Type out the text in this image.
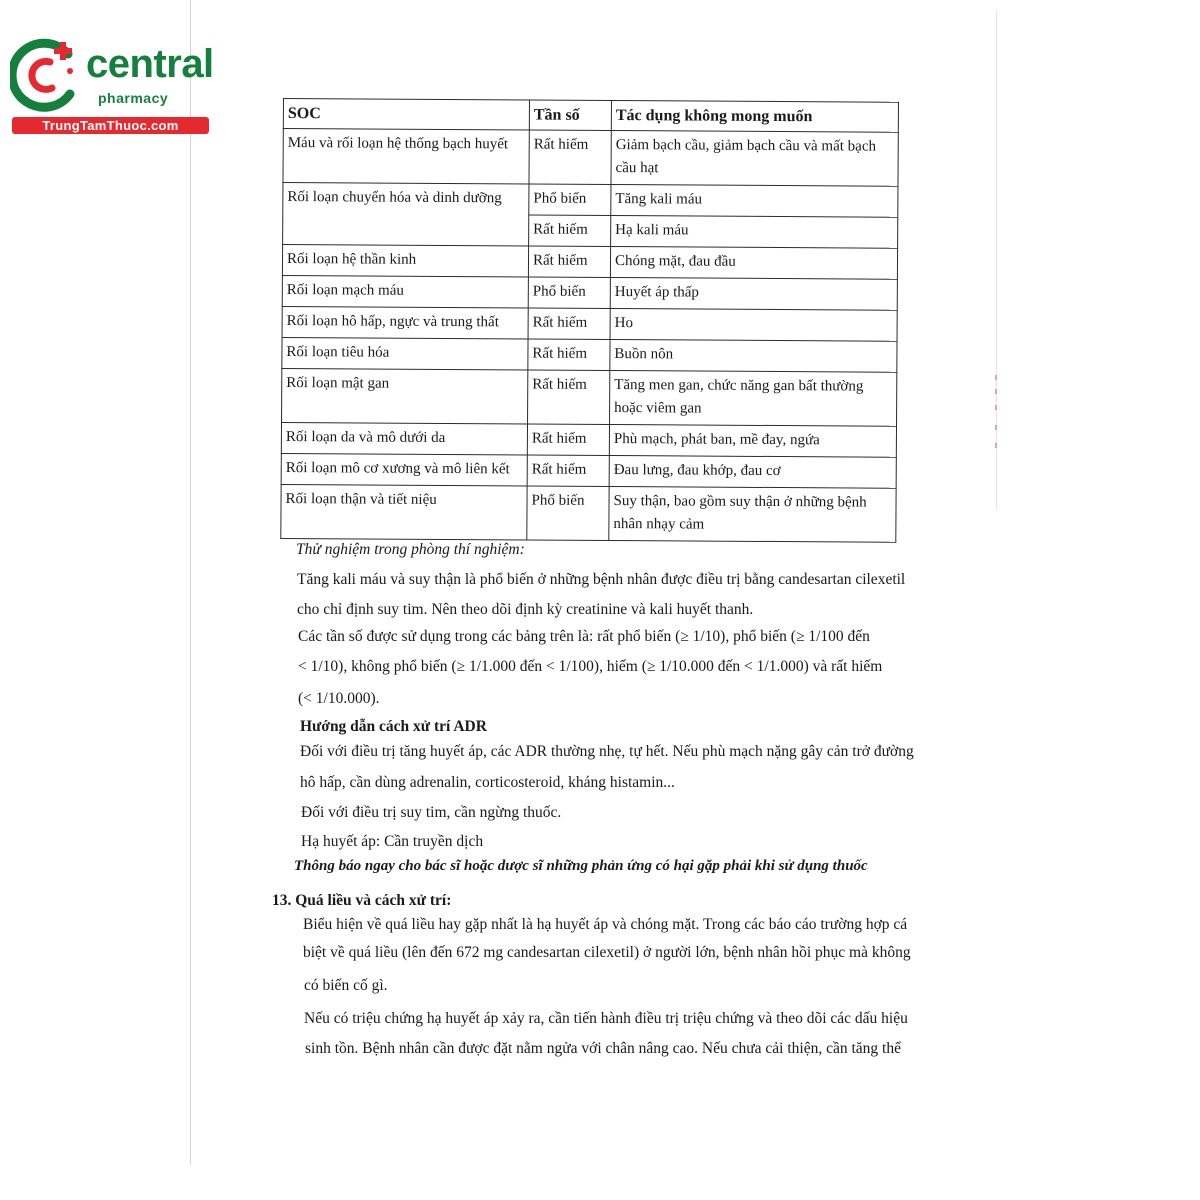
central
pharmacy
TrungTamThuoc.com
SOC	Tần số	Tác dụng không mong muốn
Máu và rối loạn hệ thống bạch huyết	Rất hiếm	Giảm bạch cầu, giảm bạch cầu và mất bạch cầu hạt
Rối loạn chuyển hóa và dinh dưỡng	Phổ biến	Tăng kali máu
	Rất hiếm	Hạ kali máu
Rối loạn hệ thần kinh	Rất hiếm	Chóng mặt, đau đầu
Rối loạn mạch máu	Phổ biến	Huyết áp thấp
Rối loạn hô hấp, ngực và trung thất	Rất hiếm	Ho
Rối loạn tiêu hóa	Rất hiếm	Buồn nôn
Rối loạn mật gan	Rất hiếm	Tăng men gan, chức năng gan bất thường hoặc viêm gan
Rối loạn da và mô dưới da	Rất hiếm	Phù mạch, phát ban, mề đay, ngứa
Rối loạn mô cơ xương và mô liên kết	Rất hiếm	Đau lưng, đau khớp, đau cơ
Rối loạn thận và tiết niệu	Phổ biến	Suy thận, bao gồm suy thận ở những bệnh nhân nhạy cảm
Thử nghiệm trong phòng thí nghiệm:
Tăng kali máu và suy thận là phổ biến ở những bệnh nhân được điều trị bằng candesartan cilexetil
cho chỉ định suy tim. Nên theo dõi định kỳ creatinine và kali huyết thanh.
Các tần số được sử dụng trong các bảng trên là: rất phổ biến (≥ 1/10), phổ biến (≥ 1/100 đến
< 1/10), không phổ biến (≥ 1/1.000 đến < 1/100), hiếm (≥ 1/10.000 đến < 1/1.000) và rất hiếm
(< 1/10.000).
Hướng dẫn cách xử trí ADR
Đối với điều trị tăng huyết áp, các ADR thường nhẹ, tự hết. Nếu phù mạch nặng gây cản trở đường
hô hấp, cần dùng adrenalin, corticosteroid, kháng histamin...
Đối với điều trị suy tim, cần ngừng thuốc.
Hạ huyết áp: Cần truyền dịch
Thông báo ngay cho bác sĩ hoặc dược sĩ những phản ứng có hại gặp phải khi sử dụng thuốc
13. Quá liều và cách xử trí:
Biểu hiện về quá liều hay gặp nhất là hạ huyết áp và chóng mặt. Trong các báo cáo trường hợp cá
biệt về quá liều (lên đến 672 mg candesartan cilexetil) ở người lớn, bệnh nhân hồi phục mà không
có biến cố gì.
Nếu có triệu chứng hạ huyết áp xảy ra, cần tiến hành điều trị triệu chứng và theo dõi các dấu hiệu
sinh tồn. Bệnh nhân cần được đặt nằm ngửa với chân nâng cao. Nếu chưa cải thiện, cần tăng thể
